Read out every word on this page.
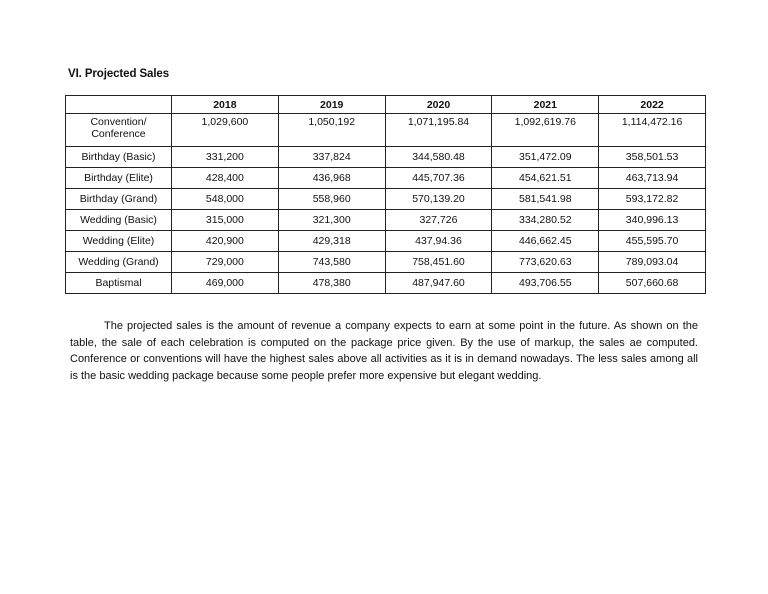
VI. Projected Sales
	2018	2019	2020	2021	2022
Convention/ Conference	1,029,600	1,050,192	1,071,195.84	1,092,619.76	1,114,472.16
Birthday (Basic)	331,200	337,824	344,580.48	351,472.09	358,501.53
Birthday (Elite)	428,400	436,968	445,707.36	454,621.51	463,713.94
Birthday (Grand)	548,000	558,960	570,139.20	581,541.98	593,172.82
Wedding (Basic)	315,000	321,300	327,726	334,280.52	340,996.13
Wedding (Elite)	420,900	429,318	437,94.36	446,662.45	455,595.70
Wedding (Grand)	729,000	743,580	758,451.60	773,620.63	789,093.04
Baptismal	469,000	478,380	487,947.60	493,706.55	507,660.68

The projected sales is the amount of revenue a company expects to earn at some point in the future. As shown on the table, the sale of each celebration is computed on the package price given. By the use of markup, the sales ae computed. Conference or conventions will have the highest sales above all activities as it is in demand nowadays. The less sales among all is the basic wedding package because some people prefer more expensive but elegant wedding.
